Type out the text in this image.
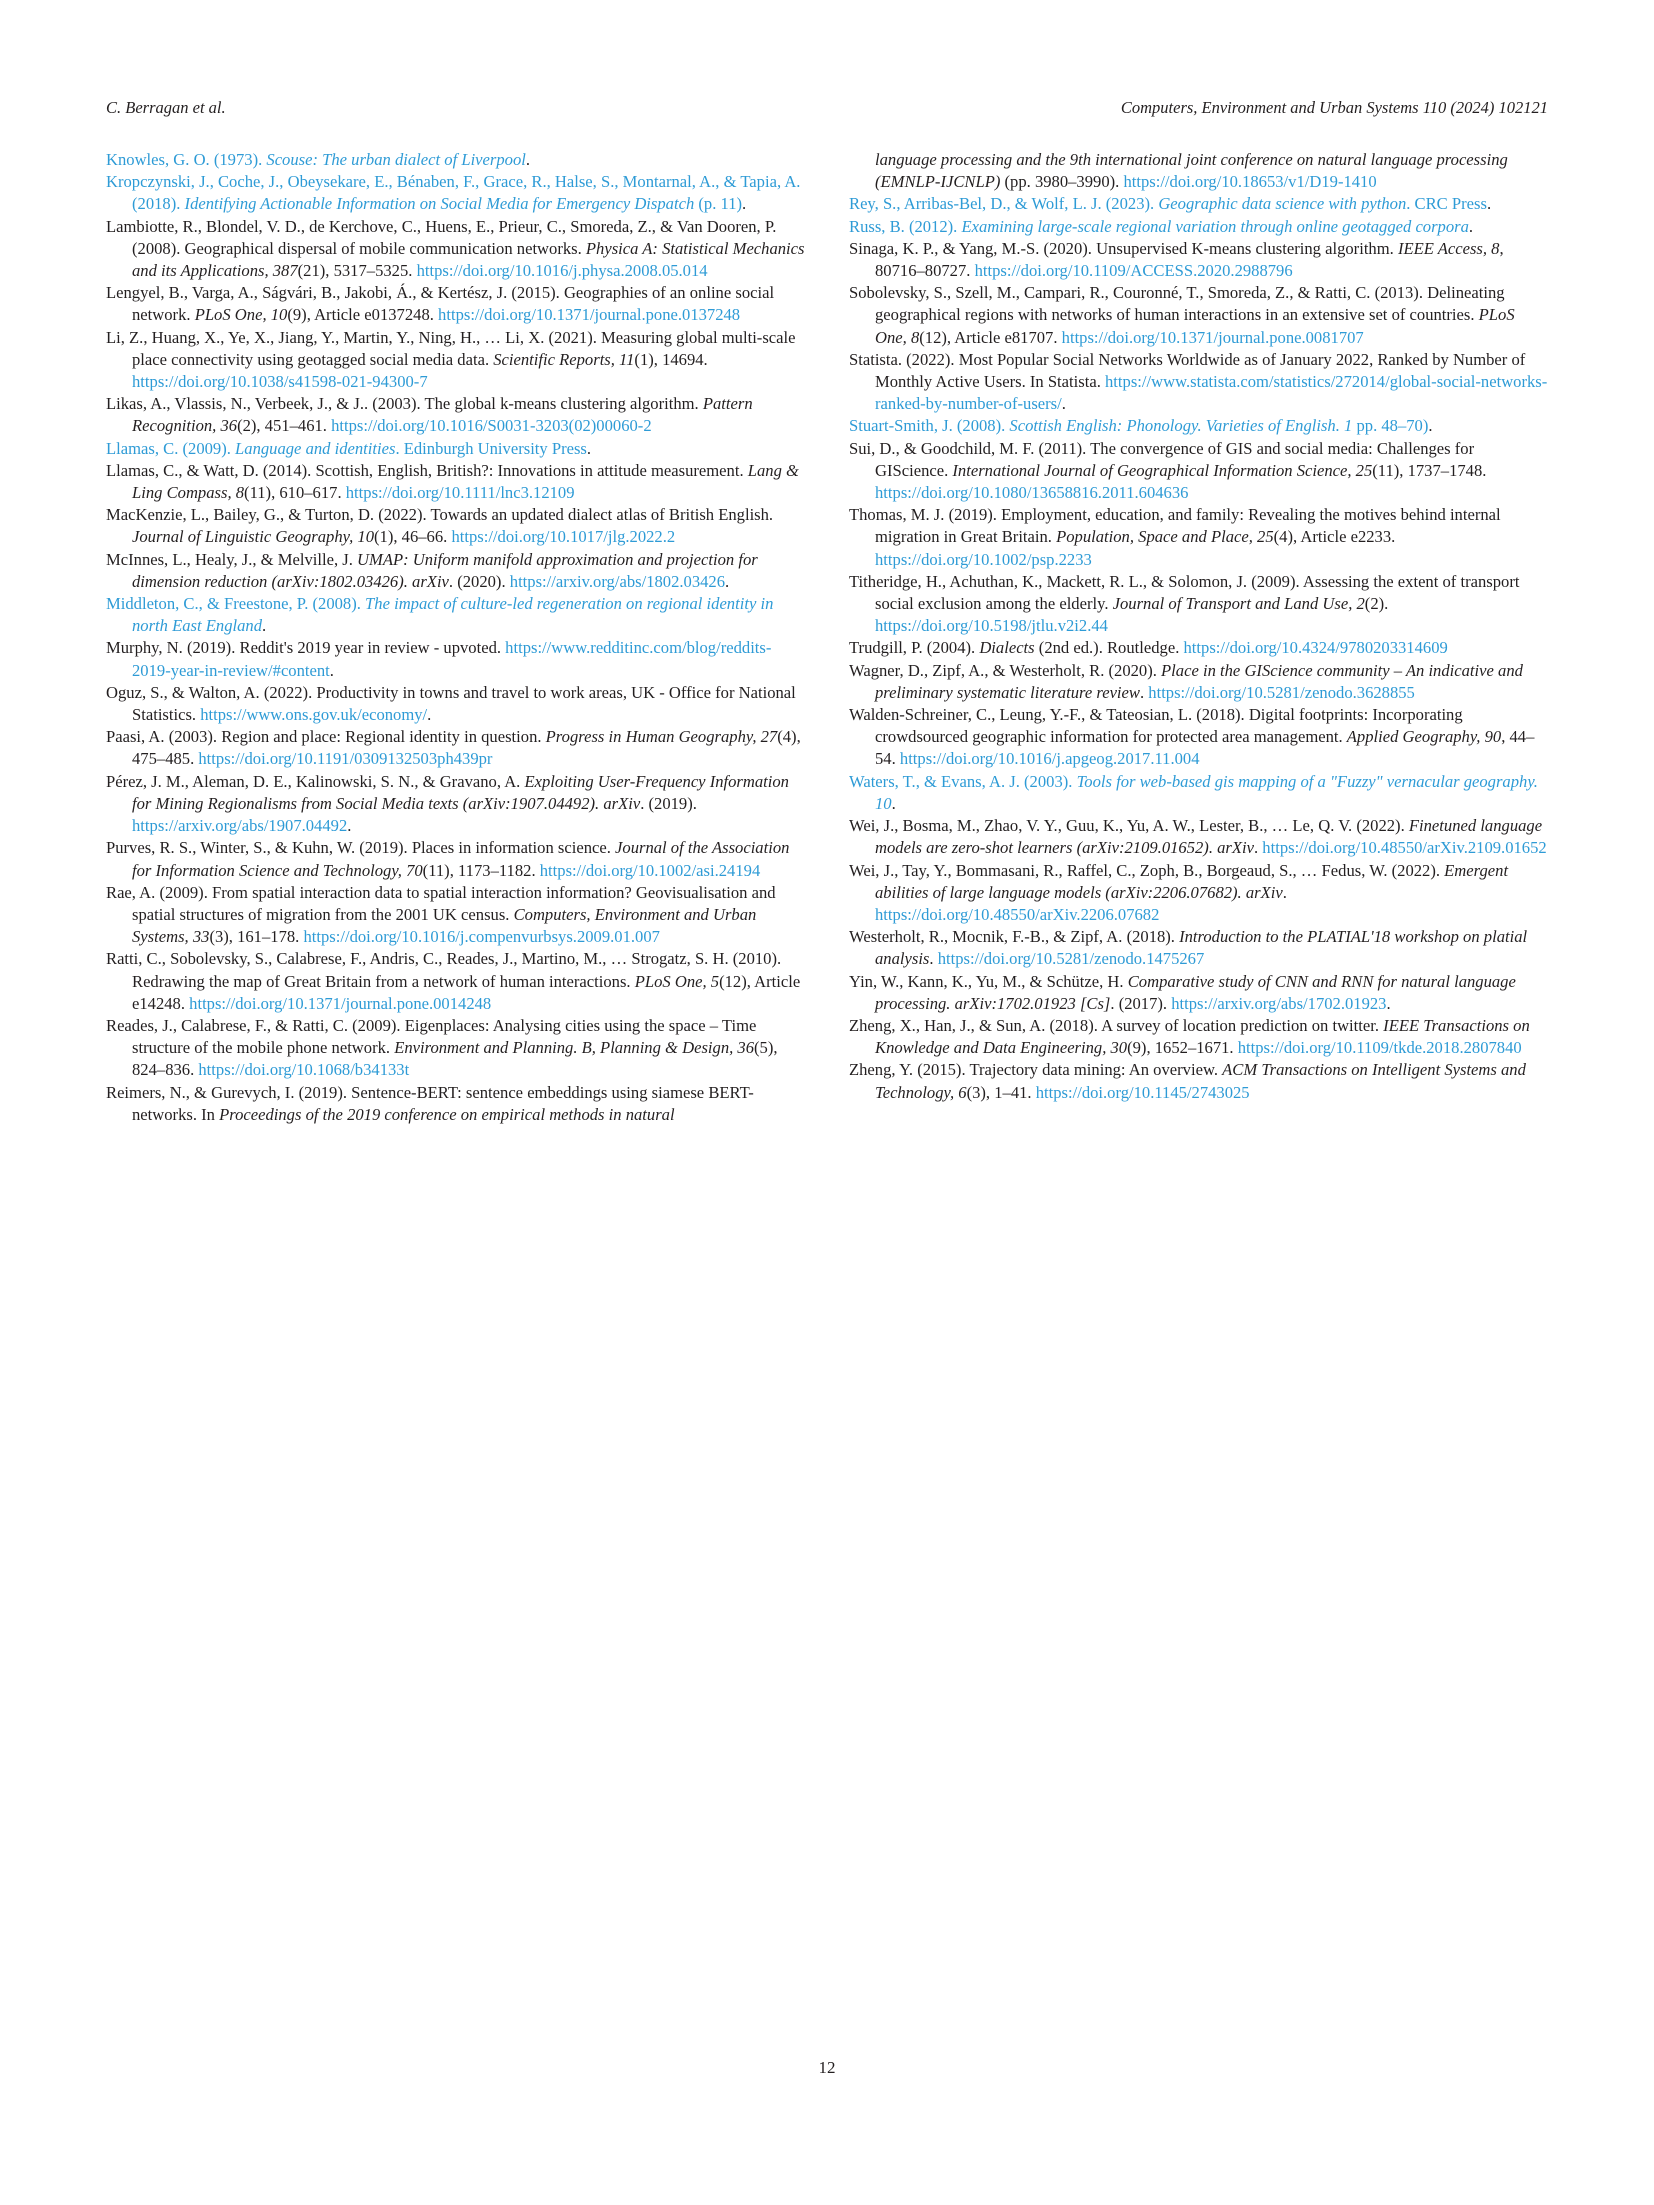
C. Berragan et al.	Computers, Environment and Urban Systems 110 (2024) 102121

Knowles, G. O. (1973). Scouse: The urban dialect of Liverpool.

Kropczynski, J., Coche, J., Obeysekare, E., Bénaben, F., Grace, R., Halse, S., Montarnal, A., & Tapia, A. (2018). Identifying Actionable Information on Social Media for Emergency Dispatch (p. 11).

Lambiotte, R., Blondel, V. D., de Kerchove, C., Huens, E., Prieur, C., Smoreda, Z., & Van Dooren, P. (2008). Geographical dispersal of mobile communication networks. Physica A: Statistical Mechanics and its Applications, 387(21), 5317–5325. https://doi.org/10.1016/j.physa.2008.05.014

Lengyel, B., Varga, A., Ságvári, B., Jakobi, Á., & Kertész, J. (2015). Geographies of an online social network. PLoS One, 10(9), Article e0137248. https://doi.org/10.1371/journal.pone.0137248

Li, Z., Huang, X., Ye, X., Jiang, Y., Martin, Y., Ning, H., … Li, X. (2021). Measuring global multi-scale place connectivity using geotagged social media data. Scientific Reports, 11(1), 14694. https://doi.org/10.1038/s41598-021-94300-7

Likas, A., Vlassis, N., Verbeek, J., & J.. (2003). The global k-means clustering algorithm. Pattern Recognition, 36(2), 451–461. https://doi.org/10.1016/S0031-3203(02)00060-2

Llamas, C. (2009). Language and identities. Edinburgh University Press.

Llamas, C., & Watt, D. (2014). Scottish, English, British?: Innovations in attitude measurement. Lang & Ling Compass, 8(11), 610–617. https://doi.org/10.1111/lnc3.12109

MacKenzie, L., Bailey, G., & Turton, D. (2022). Towards an updated dialect atlas of British English. Journal of Linguistic Geography, 10(1), 46–66. https://doi.org/10.1017/jlg.2022.2

McInnes, L., Healy, J., & Melville, J. UMAP: Uniform manifold approximation and projection for dimension reduction (arXiv:1802.03426). arXiv. (2020). https://arxiv.org/abs/1802.03426.

Middleton, C., & Freestone, P. (2008). The impact of culture-led regeneration on regional identity in north East England.

Murphy, N. (2019). Reddit's 2019 year in review - upvoted. https://www.redditinc.com/blog/reddits-2019-year-in-review/#content.

Oguz, S., & Walton, A. (2022). Productivity in towns and travel to work areas, UK - Office for National Statistics. https://www.ons.gov.uk/economy/.

Paasi, A. (2003). Region and place: Regional identity in question. Progress in Human Geography, 27(4), 475–485. https://doi.org/10.1191/0309132503ph439pr

Pérez, J. M., Aleman, D. E., Kalinowski, S. N., & Gravano, A. Exploiting User-Frequency Information for Mining Regionalisms from Social Media texts (arXiv:1907.04492). arXiv. (2019). https://arxiv.org/abs/1907.04492.

Purves, R. S., Winter, S., & Kuhn, W. (2019). Places in information science. Journal of the Association for Information Science and Technology, 70(11), 1173–1182. https://doi.org/10.1002/asi.24194

Rae, A. (2009). From spatial interaction data to spatial interaction information? Geovisualisation and spatial structures of migration from the 2001 UK census. Computers, Environment and Urban Systems, 33(3), 161–178. https://doi.org/10.1016/j.compenvurbsys.2009.01.007

Ratti, C., Sobolevsky, S., Calabrese, F., Andris, C., Reades, J., Martino, M., … Strogatz, S. H. (2010). Redrawing the map of Great Britain from a network of human interactions. PLoS One, 5(12), Article e14248. https://doi.org/10.1371/journal.pone.0014248

Reades, J., Calabrese, F., & Ratti, C. (2009). Eigenplaces: Analysing cities using the space – Time structure of the mobile phone network. Environment and Planning. B, Planning & Design, 36(5), 824–836. https://doi.org/10.1068/b34133t

Reimers, N., & Gurevych, I. (2019). Sentence-BERT: sentence embeddings using siamese BERT-networks. In Proceedings of the 2019 conference on empirical methods in natural

language processing and the 9th international joint conference on natural language processing (EMNLP-IJCNLP) (pp. 3980–3990). https://doi.org/10.18653/v1/D19-1410

Rey, S., Arribas-Bel, D., & Wolf, L. J. (2023). Geographic data science with python. CRC Press.

Russ, B. (2012). Examining large-scale regional variation through online geotagged corpora.

Sinaga, K. P., & Yang, M.-S. (2020). Unsupervised K-means clustering algorithm. IEEE Access, 8, 80716–80727. https://doi.org/10.1109/ACCESS.2020.2988796

Sobolevsky, S., Szell, M., Campari, R., Couronné, T., Smoreda, Z., & Ratti, C. (2013). Delineating geographical regions with networks of human interactions in an extensive set of countries. PLoS One, 8(12), Article e81707. https://doi.org/10.1371/journal.pone.0081707

Statista. (2022). Most Popular Social Networks Worldwide as of January 2022, Ranked by Number of Monthly Active Users. In Statista. https://www.statista.com/statistics/272014/global-social-networks-ranked-by-number-of-users/.

Stuart-Smith, J. (2008). Scottish English: Phonology. Varieties of English. 1 pp. 48–70).

Sui, D., & Goodchild, M. F. (2011). The convergence of GIS and social media: Challenges for GIScience. International Journal of Geographical Information Science, 25(11), 1737–1748. https://doi.org/10.1080/13658816.2011.604636

Thomas, M. J. (2019). Employment, education, and family: Revealing the motives behind internal migration in Great Britain. Population, Space and Place, 25(4), Article e2233. https://doi.org/10.1002/psp.2233

Titheridge, H., Achuthan, K., Mackett, R. L., & Solomon, J. (2009). Assessing the extent of transport social exclusion among the elderly. Journal of Transport and Land Use, 2(2). https://doi.org/10.5198/jtlu.v2i2.44

Trudgill, P. (2004). Dialects (2nd ed.). Routledge. https://doi.org/10.4324/9780203314609

Wagner, D., Zipf, A., & Westerholt, R. (2020). Place in the GIScience community – An indicative and preliminary systematic literature review. https://doi.org/10.5281/zenodo.3628855

Walden-Schreiner, C., Leung, Y.-F., & Tateosian, L. (2018). Digital footprints: Incorporating crowdsourced geographic information for protected area management. Applied Geography, 90, 44–54. https://doi.org/10.1016/j.apgeog.2017.11.004

Waters, T., & Evans, A. J. (2003). Tools for web-based gis mapping of a "Fuzzy" vernacular geography. 10.

Wei, J., Bosma, M., Zhao, V. Y., Guu, K., Yu, A. W., Lester, B., … Le, Q. V. (2022). Finetuned language models are zero-shot learners (arXiv:2109.01652). arXiv. https://doi.org/10.48550/arXiv.2109.01652

Wei, J., Tay, Y., Bommasani, R., Raffel, C., Zoph, B., Borgeaud, S., … Fedus, W. (2022). Emergent abilities of large language models (arXiv:2206.07682). arXiv. https://doi.org/10.48550/arXiv.2206.07682

Westerholt, R., Mocnik, F.-B., & Zipf, A. (2018). Introduction to the PLATIAL'18 workshop on platial analysis. https://doi.org/10.5281/zenodo.1475267

Yin, W., Kann, K., Yu, M., & Schütze, H. Comparative study of CNN and RNN for natural language processing. arXiv:1702.01923 [Cs]. (2017). https://arxiv.org/abs/1702.01923.

Zheng, X., Han, J., & Sun, A. (2018). A survey of location prediction on twitter. IEEE Transactions on Knowledge and Data Engineering, 30(9), 1652–1671. https://doi.org/10.1109/tkde.2018.2807840

Zheng, Y. (2015). Trajectory data mining: An overview. ACM Transactions on Intelligent Systems and Technology, 6(3), 1–41. https://doi.org/10.1145/2743025

12
